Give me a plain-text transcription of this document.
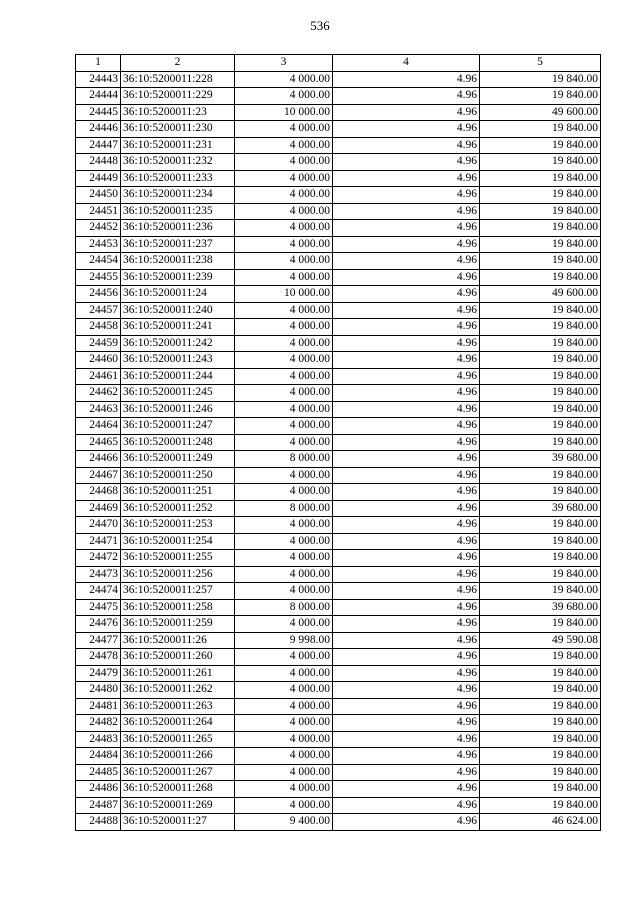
536
1	2	3	4	5
24443	36:10:5200011:228	4 000.00	4.96	19 840.00
24444	36:10:5200011:229	4 000.00	4.96	19 840.00
24445	36:10:5200011:23	10 000.00	4.96	49 600.00
24446	36:10:5200011:230	4 000.00	4.96	19 840.00
24447	36:10:5200011:231	4 000.00	4.96	19 840.00
24448	36:10:5200011:232	4 000.00	4.96	19 840.00
24449	36:10:5200011:233	4 000.00	4.96	19 840.00
24450	36:10:5200011:234	4 000.00	4.96	19 840.00
24451	36:10:5200011:235	4 000.00	4.96	19 840.00
24452	36:10:5200011:236	4 000.00	4.96	19 840.00
24453	36:10:5200011:237	4 000.00	4.96	19 840.00
24454	36:10:5200011:238	4 000.00	4.96	19 840.00
24455	36:10:5200011:239	4 000.00	4.96	19 840.00
24456	36:10:5200011:24	10 000.00	4.96	49 600.00
24457	36:10:5200011:240	4 000.00	4.96	19 840.00
24458	36:10:5200011:241	4 000.00	4.96	19 840.00
24459	36:10:5200011:242	4 000.00	4.96	19 840.00
24460	36:10:5200011:243	4 000.00	4.96	19 840.00
24461	36:10:5200011:244	4 000.00	4.96	19 840.00
24462	36:10:5200011:245	4 000.00	4.96	19 840.00
24463	36:10:5200011:246	4 000.00	4.96	19 840.00
24464	36:10:5200011:247	4 000.00	4.96	19 840.00
24465	36:10:5200011:248	4 000.00	4.96	19 840.00
24466	36:10:5200011:249	8 000.00	4.96	39 680.00
24467	36:10:5200011:250	4 000.00	4.96	19 840.00
24468	36:10:5200011:251	4 000.00	4.96	19 840.00
24469	36:10:5200011:252	8 000.00	4.96	39 680.00
24470	36:10:5200011:253	4 000.00	4.96	19 840.00
24471	36:10:5200011:254	4 000.00	4.96	19 840.00
24472	36:10:5200011:255	4 000.00	4.96	19 840.00
24473	36:10:5200011:256	4 000.00	4.96	19 840.00
24474	36:10:5200011:257	4 000.00	4.96	19 840.00
24475	36:10:5200011:258	8 000.00	4.96	39 680.00
24476	36:10:5200011:259	4 000.00	4.96	19 840.00
24477	36:10:5200011:26	9 998.00	4.96	49 590.08
24478	36:10:5200011:260	4 000.00	4.96	19 840.00
24479	36:10:5200011:261	4 000.00	4.96	19 840.00
24480	36:10:5200011:262	4 000.00	4.96	19 840.00
24481	36:10:5200011:263	4 000.00	4.96	19 840.00
24482	36:10:5200011:264	4 000.00	4.96	19 840.00
24483	36:10:5200011:265	4 000.00	4.96	19 840.00
24484	36:10:5200011:266	4 000.00	4.96	19 840.00
24485	36:10:5200011:267	4 000.00	4.96	19 840.00
24486	36:10:5200011:268	4 000.00	4.96	19 840.00
24487	36:10:5200011:269	4 000.00	4.96	19 840.00
24488	36:10:5200011:27	9 400.00	4.96	46 624.00
